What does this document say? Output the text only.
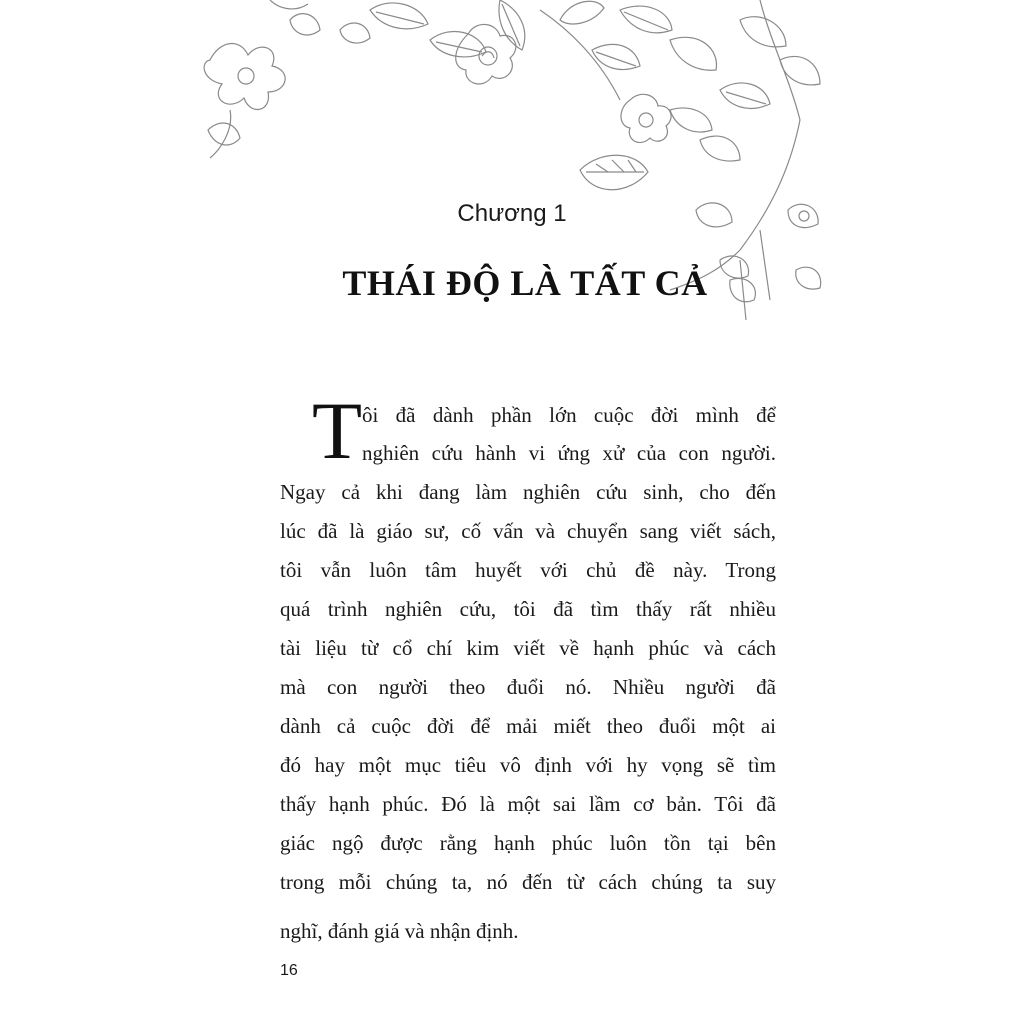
Chương 1
THÁI ĐỘ LÀ TẤT CẢ
T ôi đã dành phần lớn cuộc đời mình để
nghiên cứu hành vi ứng xử của con người.
Ngay cả khi đang làm nghiên cứu sinh, cho đến
lúc đã là giáo sư, cố vấn và chuyển sang viết sách,
tôi vẫn luôn tâm huyết với chủ đề này. Trong
quá trình nghiên cứu, tôi đã tìm thấy rất nhiều
tài liệu từ cổ chí kim viết về hạnh phúc và cách
mà con người theo đuổi nó. Nhiều người đã
dành cả cuộc đời để mải miết theo đuổi một ai
đó hay một mục tiêu vô định với hy vọng sẽ tìm
thấy hạnh phúc. Đó là một sai lầm cơ bản. Tôi đã
giác ngộ được rằng hạnh phúc luôn tồn tại bên
trong mỗi chúng ta, nó đến từ cách chúng ta suy
nghĩ, đánh giá và nhận định.
16
